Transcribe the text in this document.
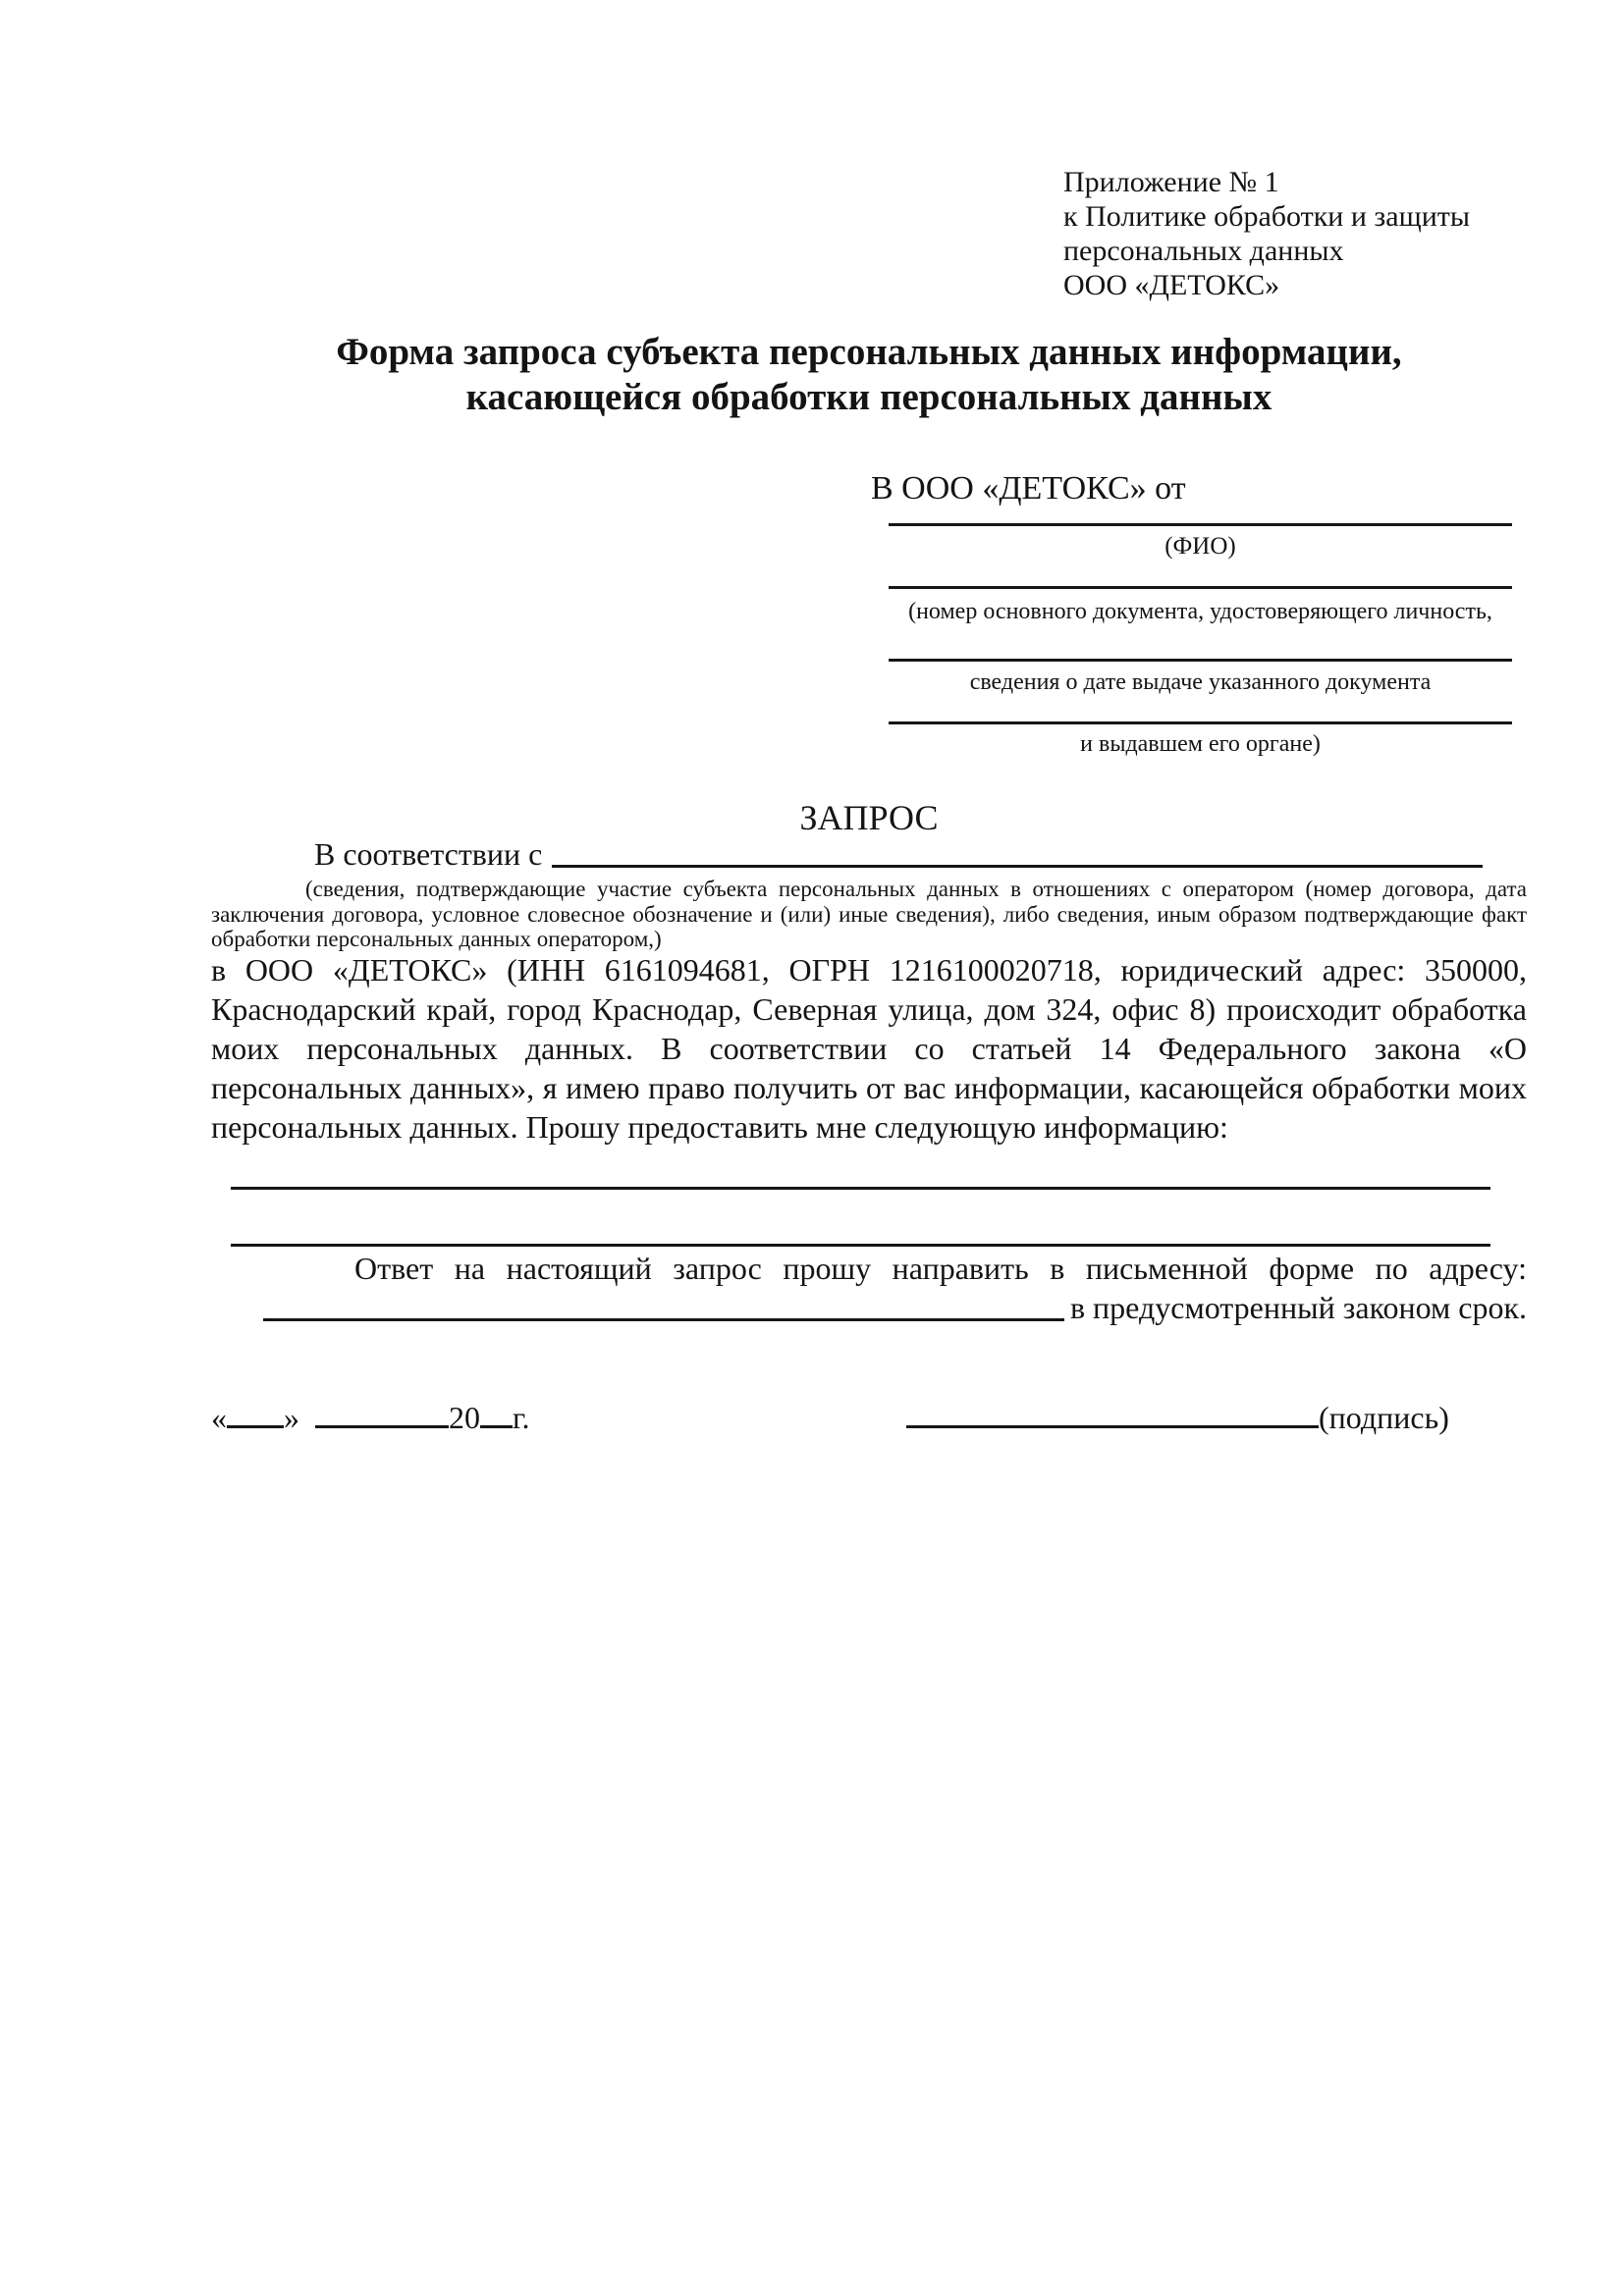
Приложение № 1
к Политике обработки и защиты
персональных данных
ООО «ДЕТОКС»
Форма запроса субъекта персональных данных информации,
касающейся обработки персональных данных
В ООО «ДЕТОКС» от
(ФИО)
(номер основного документа, удостоверяющего личность,
сведения о дате выдаче указанного документа
и выдавшем его органе)
ЗАПРОС
В соответствии с
(сведения, подтверждающие участие субъекта персональных данных в отношениях с оператором (номер договора, дата заключения договора, условное словесное обозначение и (или) иные сведения), либо сведения, иным образом подтверждающие факт обработки персональных данных оператором,)
в ООО «ДЕТОКС» (ИНН 6161094681, ОГРН 1216100020718, юридический адрес: 350000, Краснодарский край, город Краснодар, Северная улица, дом 324, офис 8) происходит обработка моих персональных данных. В соответствии со статьей 14 Федерального закона «О персональных данных», я имею право получить от вас информации, касающейся обработки моих персональных данных. Прошу предоставить мне следующую информацию:
Ответ на настоящий запрос прошу направить в письменной форме по адресу:
в предусмотренный законом срок.
« »	20 г.	(подпись)
